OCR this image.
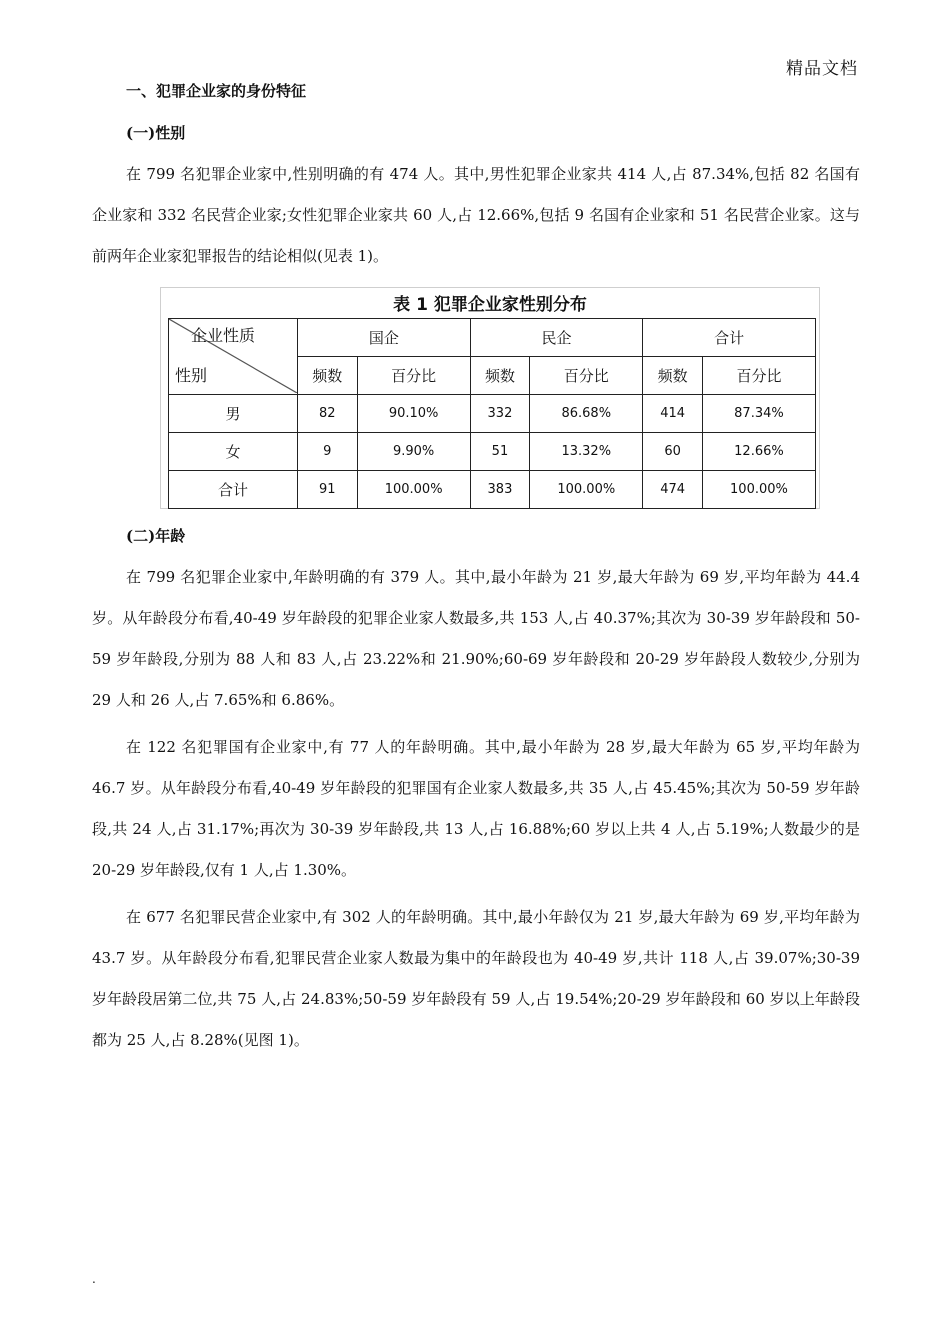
精品文档
一、犯罪企业家的身份特征
(一)性别

在 799 名犯罪企业家中,性别明确的有 474 人。其中,男性犯罪企业家共 414 人,占 87.34%,包括 82 名国有企业家和 332 名民营企业家;女性犯罪企业家共 60 人,占 12.66%,包括 9 名国有企业家和 51 名民营企业家。这与前两年企业家犯罪报告的结论相似(见表 1)。

表 1 犯罪企业家性别分布
企业性质
性别	国企		民企		合计	
	频数	百分比	频数	百分比	频数	百分比
男	82	90.10%	332	86.68%	414	87.34%
女	9	9.90%	51	13.32%	60	12.66%
合计	91	100.00%	383	100.00%	474	100.00%
(二)年龄

在 799 名犯罪企业家中,年龄明确的有 379 人。其中,最小年龄为 21 岁,最大年龄为 69 岁,平均年龄为 44.4 岁。从年龄段分布看,40-49 岁年龄段的犯罪企业家人数最多,共 153 人,占 40.37%;其次为 30-39 岁年龄段和 50-59 岁年龄段,分别为 88 人和 83 人,占 23.22%和 21.90%;60-69 岁年龄段和 20-29 岁年龄段人数较少,分别为 29 人和 26 人,占 7.65%和 6.86%。

在 122 名犯罪国有企业家中,有 77 人的年龄明确。其中,最小年龄为 28 岁,最大年龄为 65 岁,平均年龄为 46.7 岁。从年龄段分布看,40-49 岁年龄段的犯罪国有企业家人数最多,共 35 人,占 45.45%;其次为 50-59 岁年龄段,共 24 人,占 31.17%;再次为 30-39 岁年龄段,共 13 人,占 16.88%;60 岁以上共 4 人,占 5.19%;人数最少的是 20-29 岁年龄段,仅有 1 人,占 1.30%。

在 677 名犯罪民营企业家中,有 302 人的年龄明确。其中,最小年龄仅为 21 岁,最大年龄为 69 岁,平均年龄为 43.7 岁。从年龄段分布看,犯罪民营企业家人数最为集中的年龄段也为 40-49 岁,共计 118 人,占 39.07%;30-39 岁年龄段居第二位,共 75 人,占 24.83%;50-59 岁年龄段有 59 人,占 19.54%;20-29 岁年龄段和 60 岁以上年龄段都为 25 人,占 8.28%(见图 1)。

.
